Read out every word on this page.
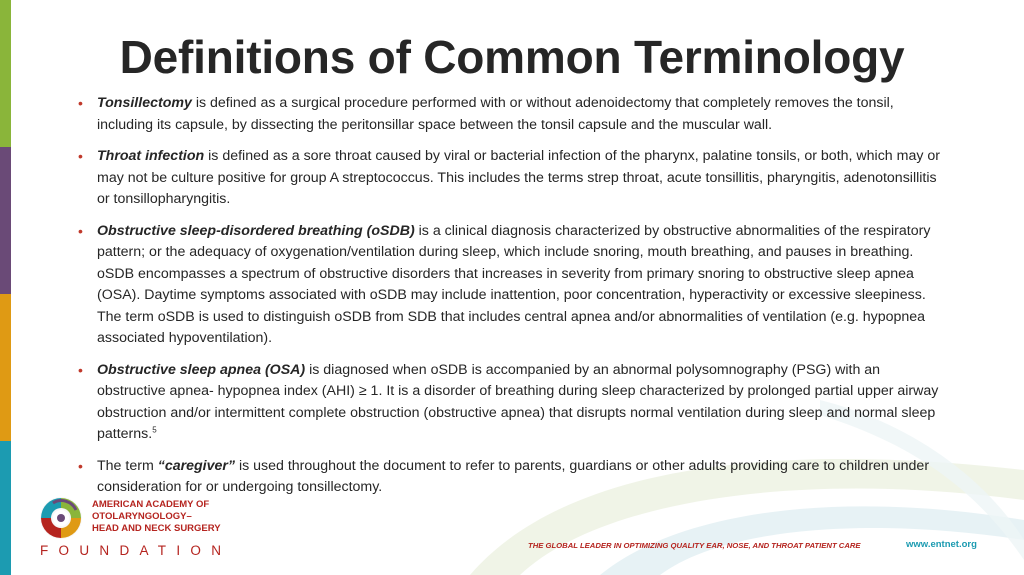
Definitions of Common Terminology
• Tonsillectomy is defined as a surgical procedure performed with or without adenoidectomy that completely removes the tonsil, including its capsule, by dissecting the peritonsillar space between the tonsil capsule and the muscular wall.
• Throat infection is defined as a sore throat caused by viral or bacterial infection of the pharynx, palatine tonsils, or both, which may or may not be culture positive for group A streptococcus. This includes the terms strep throat, acute tonsillitis, pharyngitis, adenotonsillitis or tonsillopharyngitis.
• Obstructive sleep-disordered breathing (oSDB) is a clinical diagnosis characterized by obstructive abnormalities of the respiratory pattern; or the adequacy of oxygenation/ventilation during sleep, which include snoring, mouth breathing, and pauses in breathing. oSDB encompasses a spectrum of obstructive disorders that increases in severity from primary snoring to obstructive sleep apnea (OSA). Daytime symptoms associated with oSDB may include inattention, poor concentration, hyperactivity or excessive sleepiness. The term oSDB is used to distinguish oSDB from SDB that includes central apnea and/or abnormalities of ventilation (e.g. hypopnea associated hypoventilation).
• Obstructive sleep apnea (OSA) is diagnosed when oSDB is accompanied by an abnormal polysomnography (PSG) with an obstructive apnea- hypopnea index (AHI) ≥ 1. It is a disorder of breathing during sleep characterized by prolonged partial upper airway obstruction and/or intermittent complete obstruction (obstructive apnea) that disrupts normal ventilation during sleep and normal sleep patterns.$^5$
• The term “caregiver” is used throughout the document to refer to parents, guardians or other adults providing care to children under consideration for or undergoing tonsillectomy.
AMERICAN ACADEMY OF
OTOLARYNGOLOGY–
HEAD AND NECK SURGERY
FOUNDATION	THE GLOBAL LEADER IN OPTIMIZING QUALITY EAR, NOSE, AND THROAT PATIENT CARE	www.entnet.org
